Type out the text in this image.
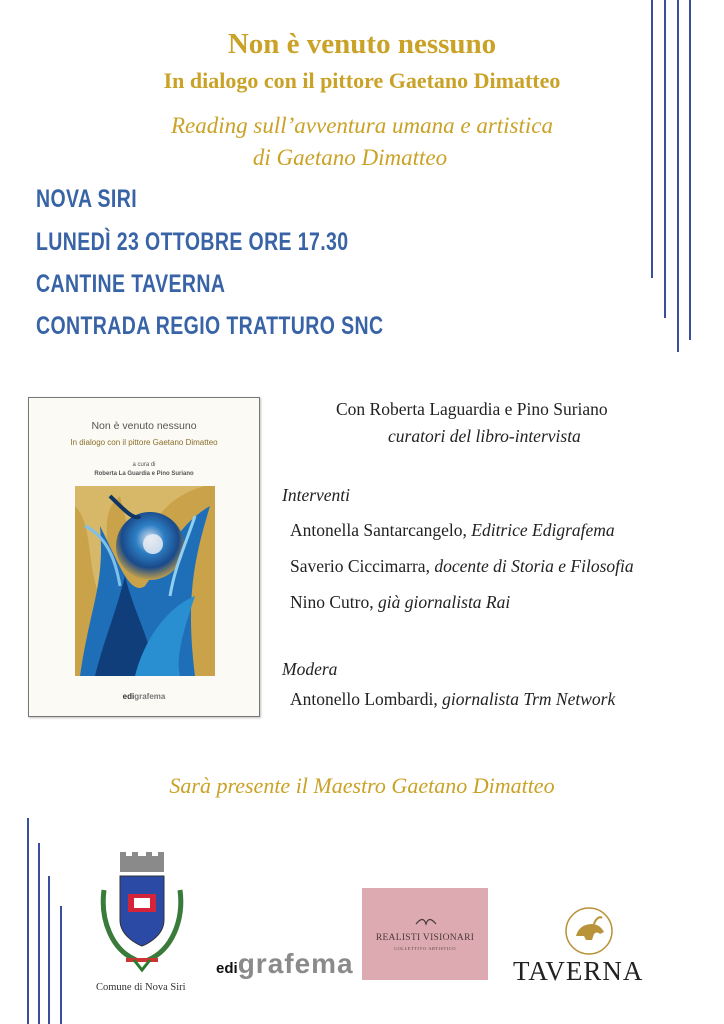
Non è venuto nessuno
In dialogo con il pittore Gaetano Dimatteo
Reading sull’avventura umana e artistica
di Gaetano Dimatteo
NOVA SIRI
LUNEDÌ 23 OTTOBRE ORE 17.30
CANTINE TAVERNA
CONTRADA REGIO TRATTURO SNC
Non è venuto nessuno
In dialogo con il pittore Gaetano Dimatteo
a cura di
Roberta La Guardia e Pino Suriano
edigrafema
Con Roberta Laguardia e Pino Suriano
curatori del libro-intervista
Interventi
Antonella Santarcangelo, Editrice Edigrafema
Saverio Ciccimarra, docente di Storia e Filosofia
Nino Cutro, già giornalista Rai
Modera
Antonello Lombardi, giornalista Trm Network
Sarà presente il Maestro Gaetano Dimatteo
Comune di Nova Siri
edigrafema
REALISTI VISIONARI
COLLETTIVO ARTISTICO
TAVERNA
